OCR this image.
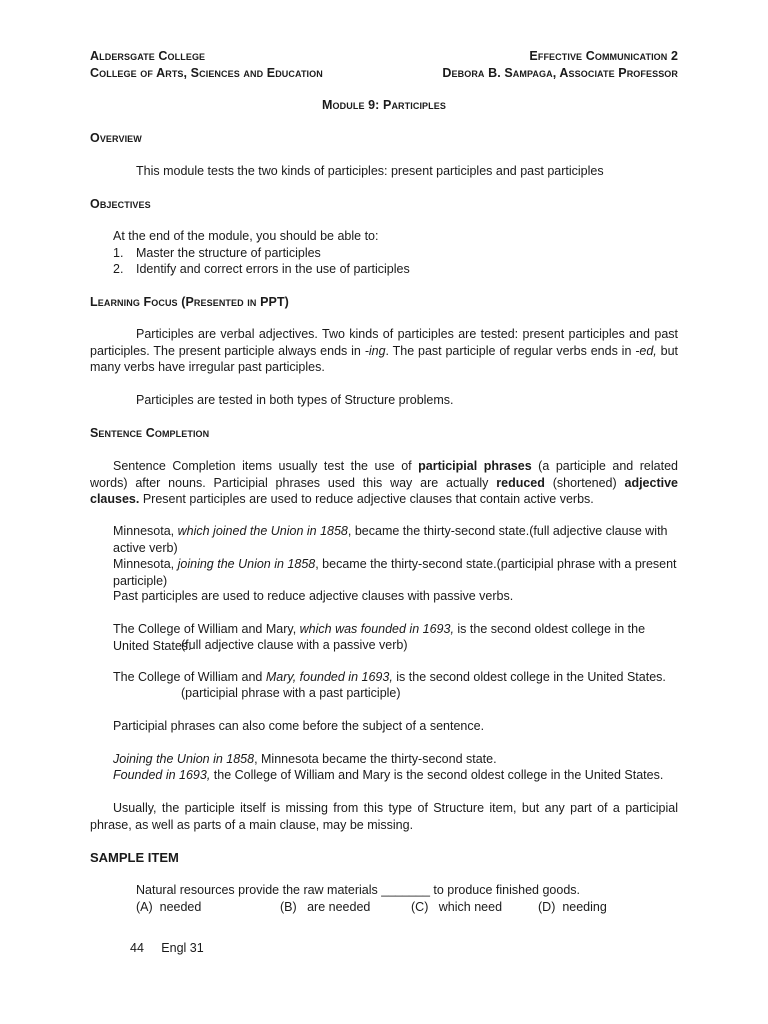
Aldersgate College
College of Arts, Sciences and Education
Effective Communication 2
Debora B. Sampaga, Associate Professor
Module 9: Participles
Overview

This module tests the two kinds of participles: present participles and past participles

Objectives

At the end of the module, you should be able to:

1.	Master the structure of participles
2.	Identify and correct errors in the use of participles
Learning Focus (Presented in PPT)

Participles are verbal adjectives. Two kinds of participles are tested: present participles and past participles. The present participle always ends in -ing. The past participle of regular verbs ends in -ed, but many verbs have irregular past participles.

Participles are tested in both types of Structure problems.

Sentence Completion

Sentence Completion items usually test the use of participial phrases (a participle and related words) after nouns. Participial phrases used this way are actually reduced (shortened) adjective clauses. Present participles are used to reduce adjective clauses that contain active verbs.

Minnesota, which joined the Union in 1858, became the thirty-second state.(full adjective clause with active verb)

Minnesota, joining the Union in 1858, became the thirty-second state.(participial phrase with a present participle)

Past participles are used to reduce adjective clauses with passive verbs.

The College of William and Mary, which was founded in 1693, is the second oldest college in the United States.

(full adjective clause with a passive verb)

The College of William and Mary, founded in 1693, is the second oldest college in the United States.

(participial phrase with a past participle)

Participial phrases can also come before the subject of a sentence.

Joining the Union in 1858, Minnesota became the thirty-second state.

Founded in 1693, the College of William and Mary is the second oldest college in the United States.

Usually, the participle itself is missing from this type of Structure item, but any part of a participial phrase, as well as parts of a main clause, may be missing.

SAMPLE ITEM

Natural resources provide the raw materials _______ to produce finished goods.

(A) needed	(B) are needed	(C) which need	(D) needing
44 Engl 31
